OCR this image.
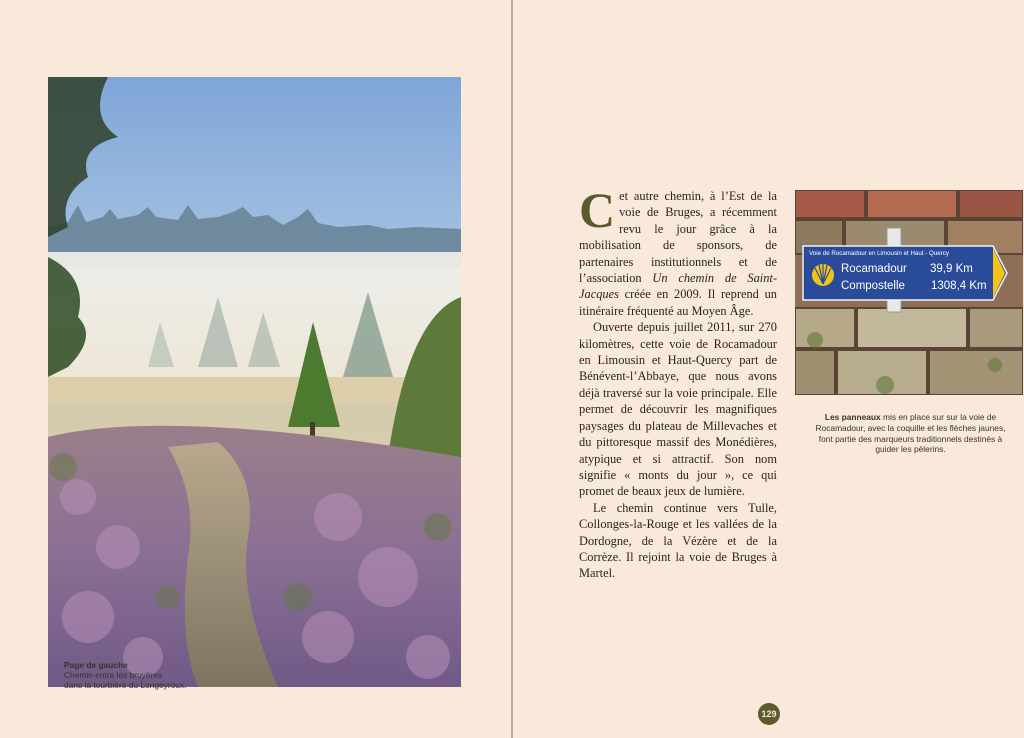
Page de gauche
Chemin entre les bruyères
dans la tourbière du Longeyroux.

Cet autre chemin, à l’Est de la voie de Bruges, a récemment revu le jour grâce à la mobilisation de sponsors, de partenaires institutionnels et de l’association Un chemin de Saint-Jacques créée en 2009. Il reprend un itinéraire fréquenté au Moyen Âge.

Ouverte depuis juillet 2011, sur 270 kilomètres, cette voie de Rocamadour en Limousin et Haut-Quercy part de Bénévent-l’Abbaye, que nous avons déjà traversé sur la voie principale. Elle permet de découvrir les magnifiques paysages du plateau de Millevaches et du pittoresque massif des Monédières, atypique et si attractif. Son nom signifie « monts du jour », ce qui promet de beaux jeux de lumière.

Le chemin continue vers Tulle, Collonges-la-Rouge et les vallées de la Dordogne, de la Vézère et de la Corrèze. Il rejoint la voie de Bruges à Martel.

Voie de Rocamadour en Limousin et Haut - Quercy
Rocamadour 39,9 Km
Compostelle 1308,4 Km
Les panneaux mis en place sur sur la voie de Rocamadour, avec la coquille et les flèches jaunes, font partie des marqueurs traditionnels destinés à guider les pèlerins.
129
